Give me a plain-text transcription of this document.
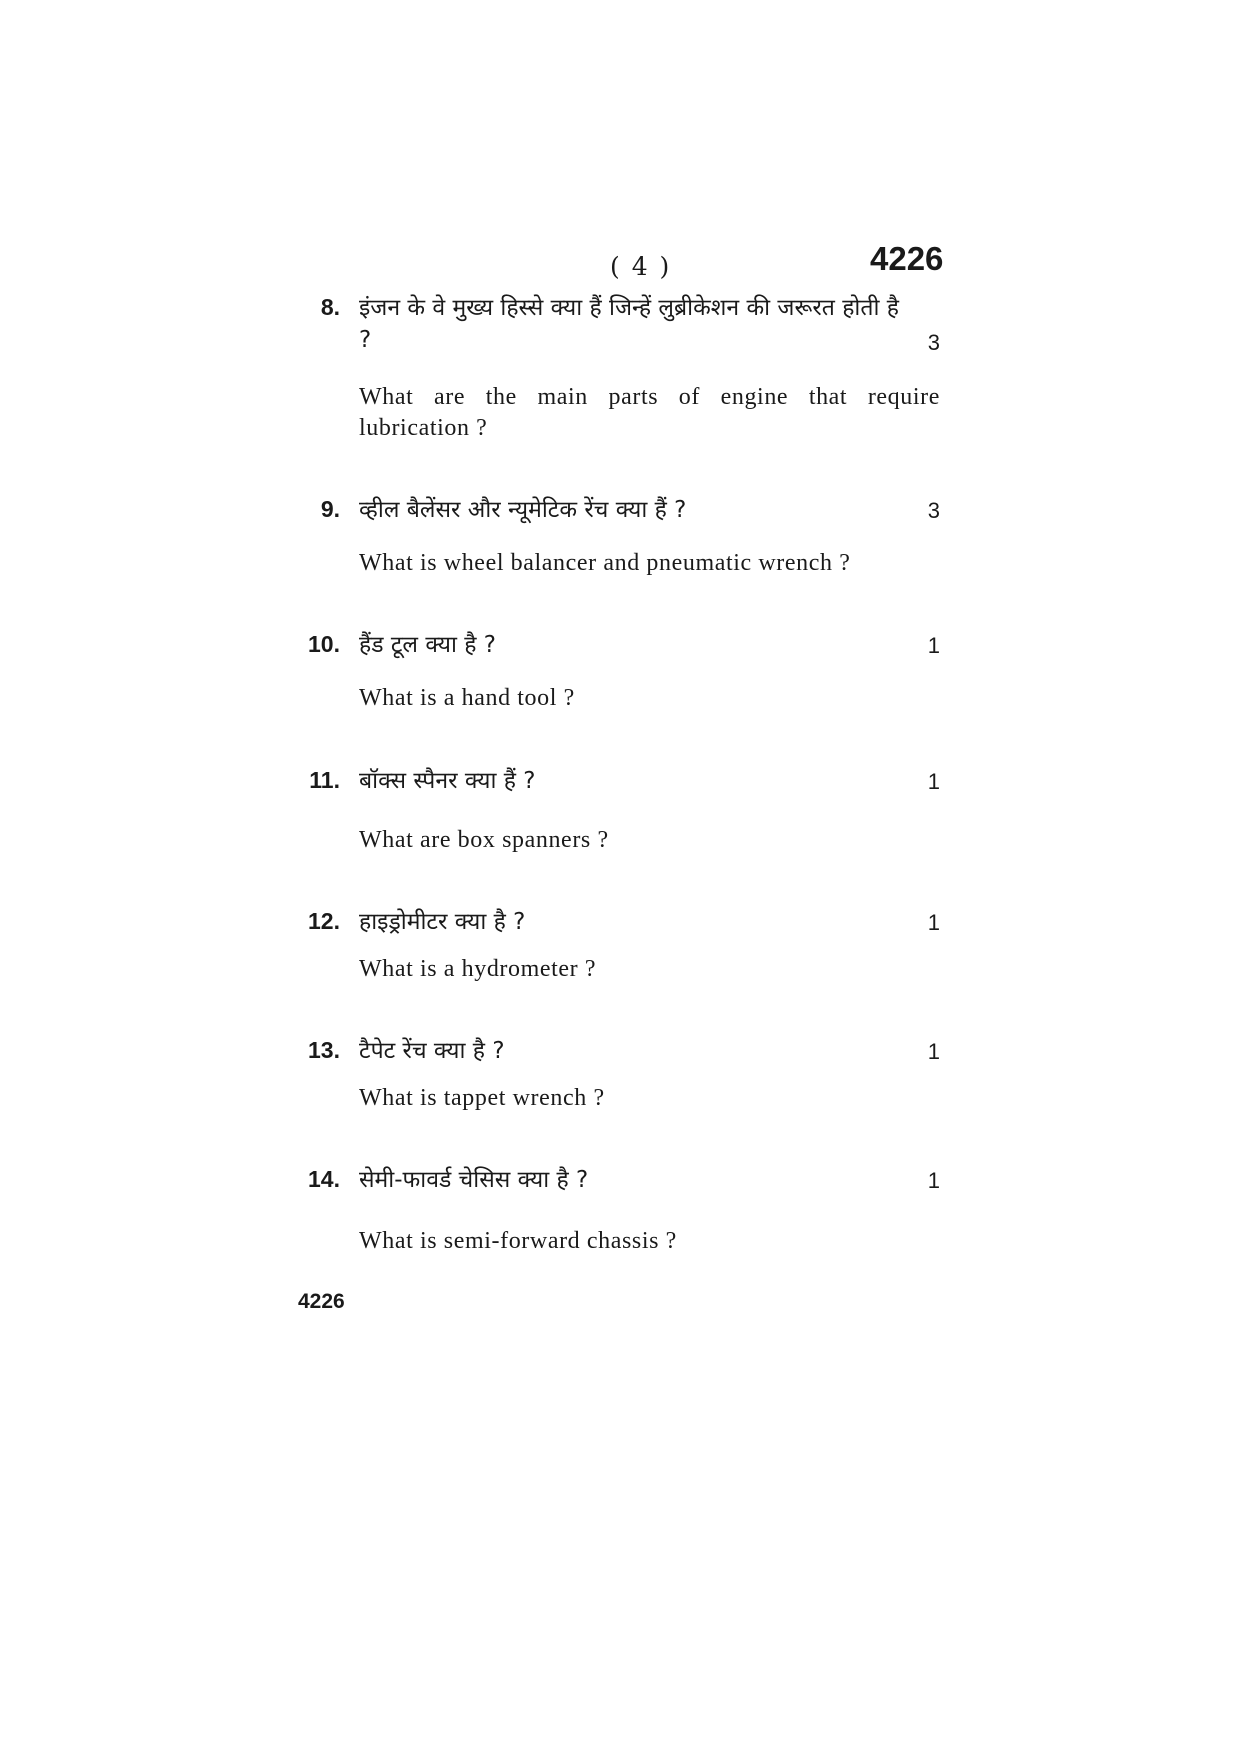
( 4 )	4226
8. इंजन के वे मुख्य हिस्से क्या हैं जिन्हें लुब्रीकेशन की जरूरत होती है ?	3
What are the main parts of engine that require lubrication ?
9. व्हील बैलेंसर और न्यूमेटिक रेंच क्या हैं ?	3
What is wheel balancer and pneumatic wrench ?
10. हैंड टूल क्या है ?	1
What is a hand tool ?
11. बॉक्स स्पैनर क्या हैं ?	1
What are box spanners ?
12. हाइड्रोमीटर क्या है ?	1
What is a hydrometer ?
13. टैपेट रेंच क्या है ?	1
What is tappet wrench ?
14. सेमी-फावर्ड चेसिस क्या है ?	1
What is semi-forward chassis ?
4226
